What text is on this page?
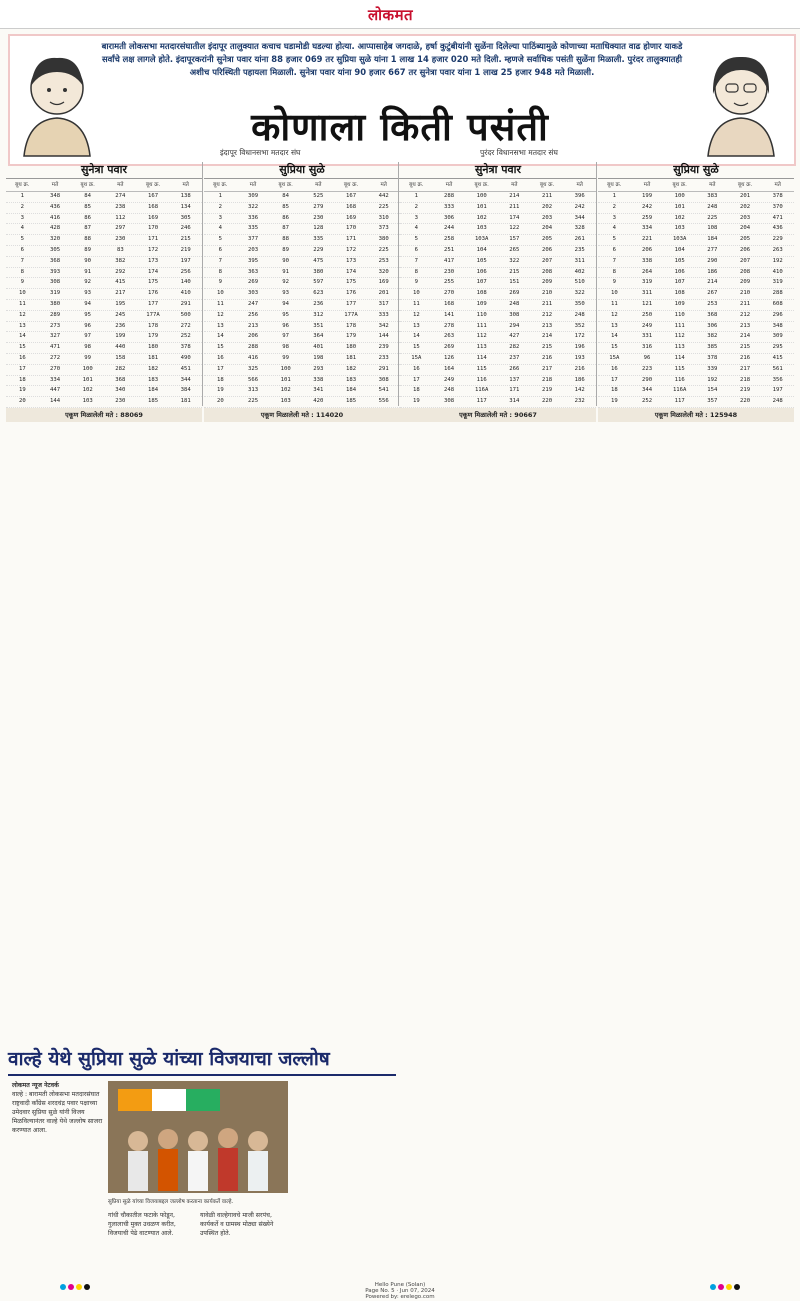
लोकमत
बारामती लोकसभा मतदारसंघातील इंदापूर तालुक्यात कचाच घडामोडी घडल्या होत्या. आप्पासाहेब जगदाळे, हर्षा कुटुंबीयांनी सुळेंना दिलेल्या पाठिंब्यामुळे कोणाच्या मताधिक्यात वाढ होणार याकडे सर्वांचे लक्ष लागले होते. इंदापूरकरांनी सुनेत्रा पवार यांना 88 हजार 069 तर सुप्रिया सुळे यांना 1 लाख 14 हजार 020 मते दिली. म्हणजे सर्वाधिक पसंती सुळेंना मिळाली. पुरंदर तालुक्यातही अशीच परिस्थिती पहायला मिळाली. सुनेत्रा पवार यांना 90 हजार 667 तर सुनेत्रा पवार यांना 1 लाख 25 हजार 948 मते मिळाली.
कोणाला किती पसंती
इंदापूर विधानसभा मतदार संघ	पुरंदर विधानसभा मतदार संघ
सुनेत्रा पवार
बूथ क्र.	मते	बूथ क्र.	मते	बूथ क्र.	मते
1	348	84	274	167	138
2	436	85	238	168	134
3	416	86	112	169	305
4	428	87	297	170	246
5	320	88	230	171	215
6	305	89	83	172	219
7	368	90	382	173	197
8	393	91	292	174	256
9	308	92	415	175	140
10	319	93	217	176	410
11	380	94	195	177	291
12	289	95	245	177A	500
13	273	96	236	178	272
14	327	97	199	179	252
15	471	98	440	180	378
16	272	99	158	181	490
17	270	100	282	182	451
18	334	101	368	183	344
19	447	102	340	184	384
20	144	103	230	185	181
एकूण मिळालेली मते : 88069
सुप्रिया सुळे
बूथ क्र.	मते	बूथ क्र.	मते	बूथ क्र.	मते
1	309	84	525	167	442
2	322	85	279	168	225
3	336	86	230	169	310
4	335	87	128	170	373
5	377	88	335	171	380
6	203	89	229	172	225
7	395	90	475	173	253
8	363	91	380	174	320
9	269	92	597	175	169
10	303	93	623	176	201
11	247	94	236	177	317
12	256	95	312	177A	333
13	213	96	351	178	342
14	206	97	364	179	144
15	288	98	401	180	239
16	416	99	198	181	233
17	325	100	293	182	291
18	566	101	338	183	308
19	313	102	341	184	541
20	225	103	420	185	556
एकूण मिळालेली मते : 114020
सुनेत्रा पवार
बूथ क्र.	मते	बूथ क्र.	मते	बूथ क्र.	मते
1	288	100	214	211	396
2	333	101	211	202	242
3	306	102	174	203	344
4	244	103	122	204	328
5	258	103A	157	205	261
6	251	104	265	206	235
7	417	105	322	207	311
8	230	106	215	208	402
9	255	107	151	209	510
10	270	108	269	210	322
11	168	109	248	211	350
12	141	110	308	212	248
13	278	111	294	213	352
14	263	112	427	214	172
15	269	113	282	215	196
15A	126	114	237	216	193
16	164	115	266	217	216
17	249	116	137	218	186
18	248	116A	171	219	142
19	308	117	314	220	232
एकूण मिळालेली मते : 90667
सुप्रिया सुळे
बूथ क्र.	मते	बूथ क्र.	मते	बूथ क्र.	मते
1	199	100	383	201	378
2	242	101	248	202	370
3	259	102	225	203	471
4	334	103	108	204	436
5	221	103A	184	205	229
6	206	104	277	206	263
7	338	105	290	207	192
8	264	106	186	208	410
9	319	107	214	209	319
10	311	108	267	210	288
11	121	109	253	211	608
12	250	110	368	212	296
13	249	111	306	213	348
14	331	112	382	214	309
15	316	113	385	215	295
15A	96	114	378	216	415
16	223	115	339	217	561
17	290	116	192	218	356
18	344	116A	154	219	197
19	252	117	357	220	248
एकूण मिळालेली मते : 125948
वाल्हे येथे सुप्रिया सुळे यांच्या विजयाचा जल्लोष
लोकमत न्यूज नेटवर्क
वाल्हे : बारामती लोकसभा मतदारसंघात राष्ट्रवादी काँग्रेस शरदचंद्र पवार पक्षाच्या उमेदवार सुप्रिया सुळे यांनी विजय मिळविल्यानंतर वाल्हे येथे जल्लोष साजरा करण्यात आला.
सुप्रिया सुळे यांच्या विजयाबद्दल जल्लोष करताना कार्यकर्ते वाल्हे.
गांधी चौकातील फटाके फोडून, गुलालाची मुक्त उधळण करीत, विजयाची पेढे वाटण्यात आले.
यावेळी वाल्हेगावचे माजी सरपंच, कार्यकर्ते व ग्रामस्थ मोठ्या संख्येने उपस्थित होते.
Hello Pune (Solan)
Page No. 5 · Jun 07, 2024
Powered by: erelego.com
